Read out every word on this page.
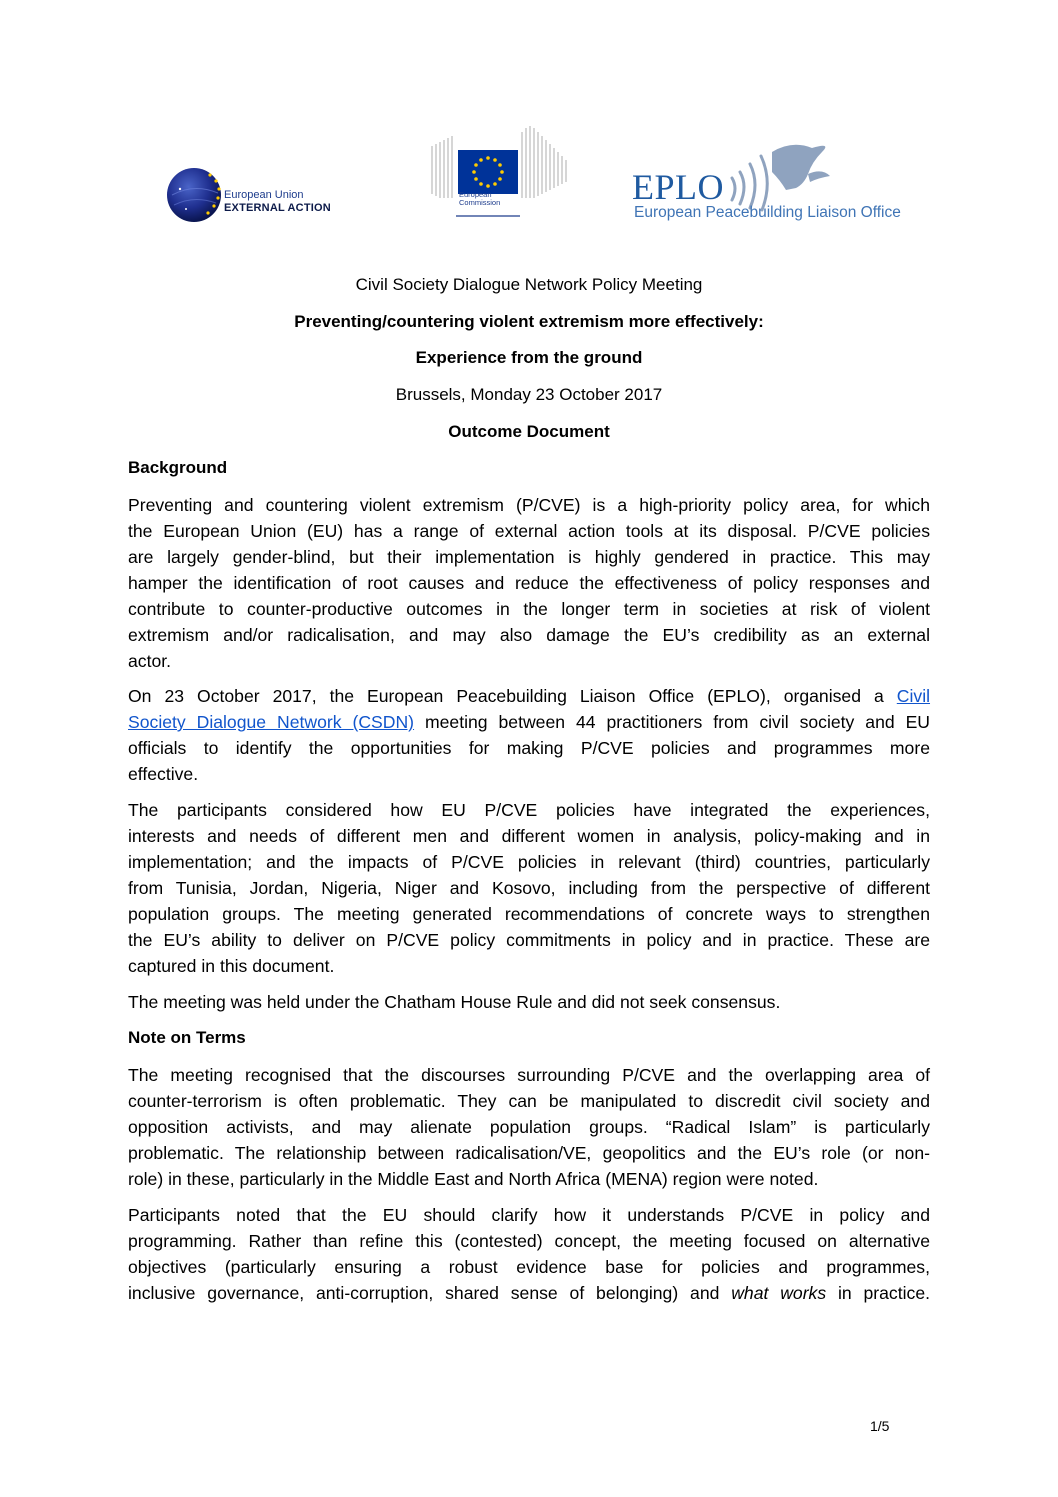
European Union
EXTERNAL ACTION
European
Commission	EPLO
European Peacebuilding Liaison Office
Civil Society Dialogue Network Policy Meeting
Preventing/countering violent extremism more effectively:
Experience from the ground
Brussels, Monday 23 October 2017
Outcome Document
Background
Preventing and countering violent extremism (P/CVE) is a high-priority policy area, for which
the European Union (EU) has a range of external action tools at its disposal. P/CVE policies
are largely gender-blind, but their implementation is highly gendered in practice. This may
hamper the identification of root causes and reduce the effectiveness of policy responses and
contribute to counter-productive outcomes in the longer term in societies at risk of violent
extremism and/or radicalisation, and may also damage the EU’s credibility as an external
actor.
On 23 October 2017, the European Peacebuilding Liaison Office (EPLO), organised a Civil
Society Dialogue Network (CSDN) meeting between 44 practitioners from civil society and EU
officials to identify the opportunities for making P/CVE policies and programmes more
effective.
The participants considered how EU P/CVE policies have integrated the experiences,
interests and needs of different men and different women in analysis, policy-making and in
implementation; and the impacts of P/CVE policies in relevant (third) countries, particularly
from Tunisia, Jordan, Nigeria, Niger and Kosovo, including from the perspective of different
population groups. The meeting generated recommendations of concrete ways to strengthen
the EU’s ability to deliver on P/CVE policy commitments in policy and in practice. These are
captured in this document.
The meeting was held under the Chatham House Rule and did not seek consensus.
Note on Terms
The meeting recognised that the discourses surrounding P/CVE and the overlapping area of
counter-terrorism is often problematic. They can be manipulated to discredit civil society and
opposition activists, and may alienate population groups. “Radical Islam” is particularly
problematic. The relationship between radicalisation/VE, geopolitics and the EU’s role (or non-
role) in these, particularly in the Middle East and North Africa (MENA) region were noted.
Participants noted that the EU should clarify how it understands P/CVE in policy and
programming. Rather than refine this (contested) concept, the meeting focused on alternative
objectives (particularly ensuring a robust evidence base for policies and programmes,
inclusive governance, anti-corruption, shared sense of belonging) and what works in practice.
1/5
